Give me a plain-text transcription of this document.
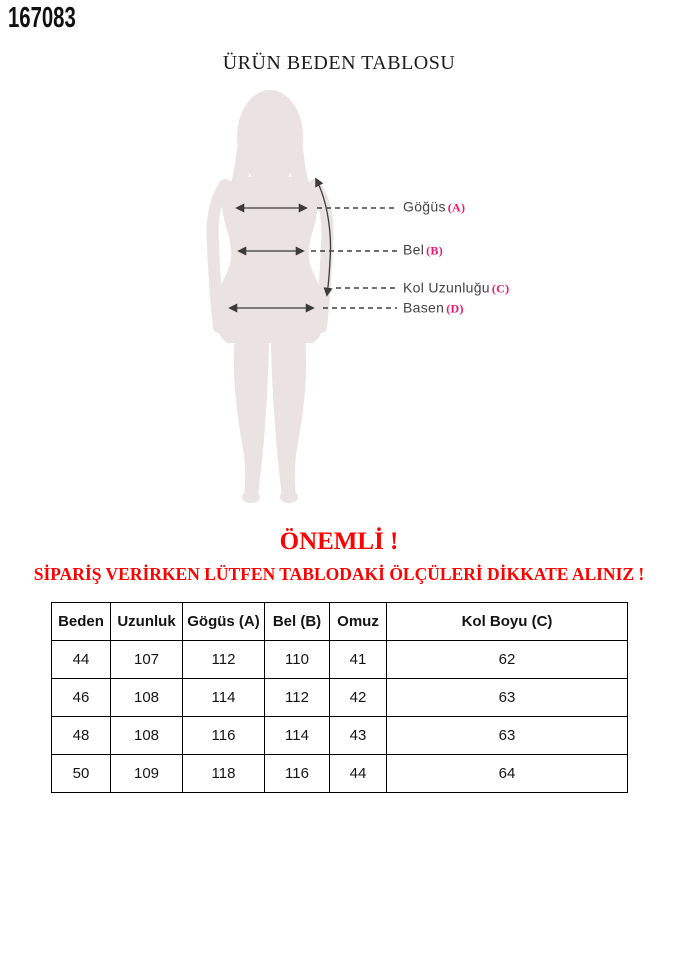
167083
ÜRÜN BEDEN TABLOSU
Göğüs (A)
Bel (B)
Kol Uzunluğu (C)
Basen (D)
ÖNEMLİ !
SİPARİŞ VERİRKEN LÜTFEN TABLODAKİ ÖLÇÜLERİ DİKKATE ALINIZ !
Beden	Uzunluk	Gögüs (A)	Bel (B)	Omuz	Kol Boyu (C)
44	107	112	110	41	62
46	108	114	112	42	63
48	108	116	114	43	63
50	109	118	116	44	64
